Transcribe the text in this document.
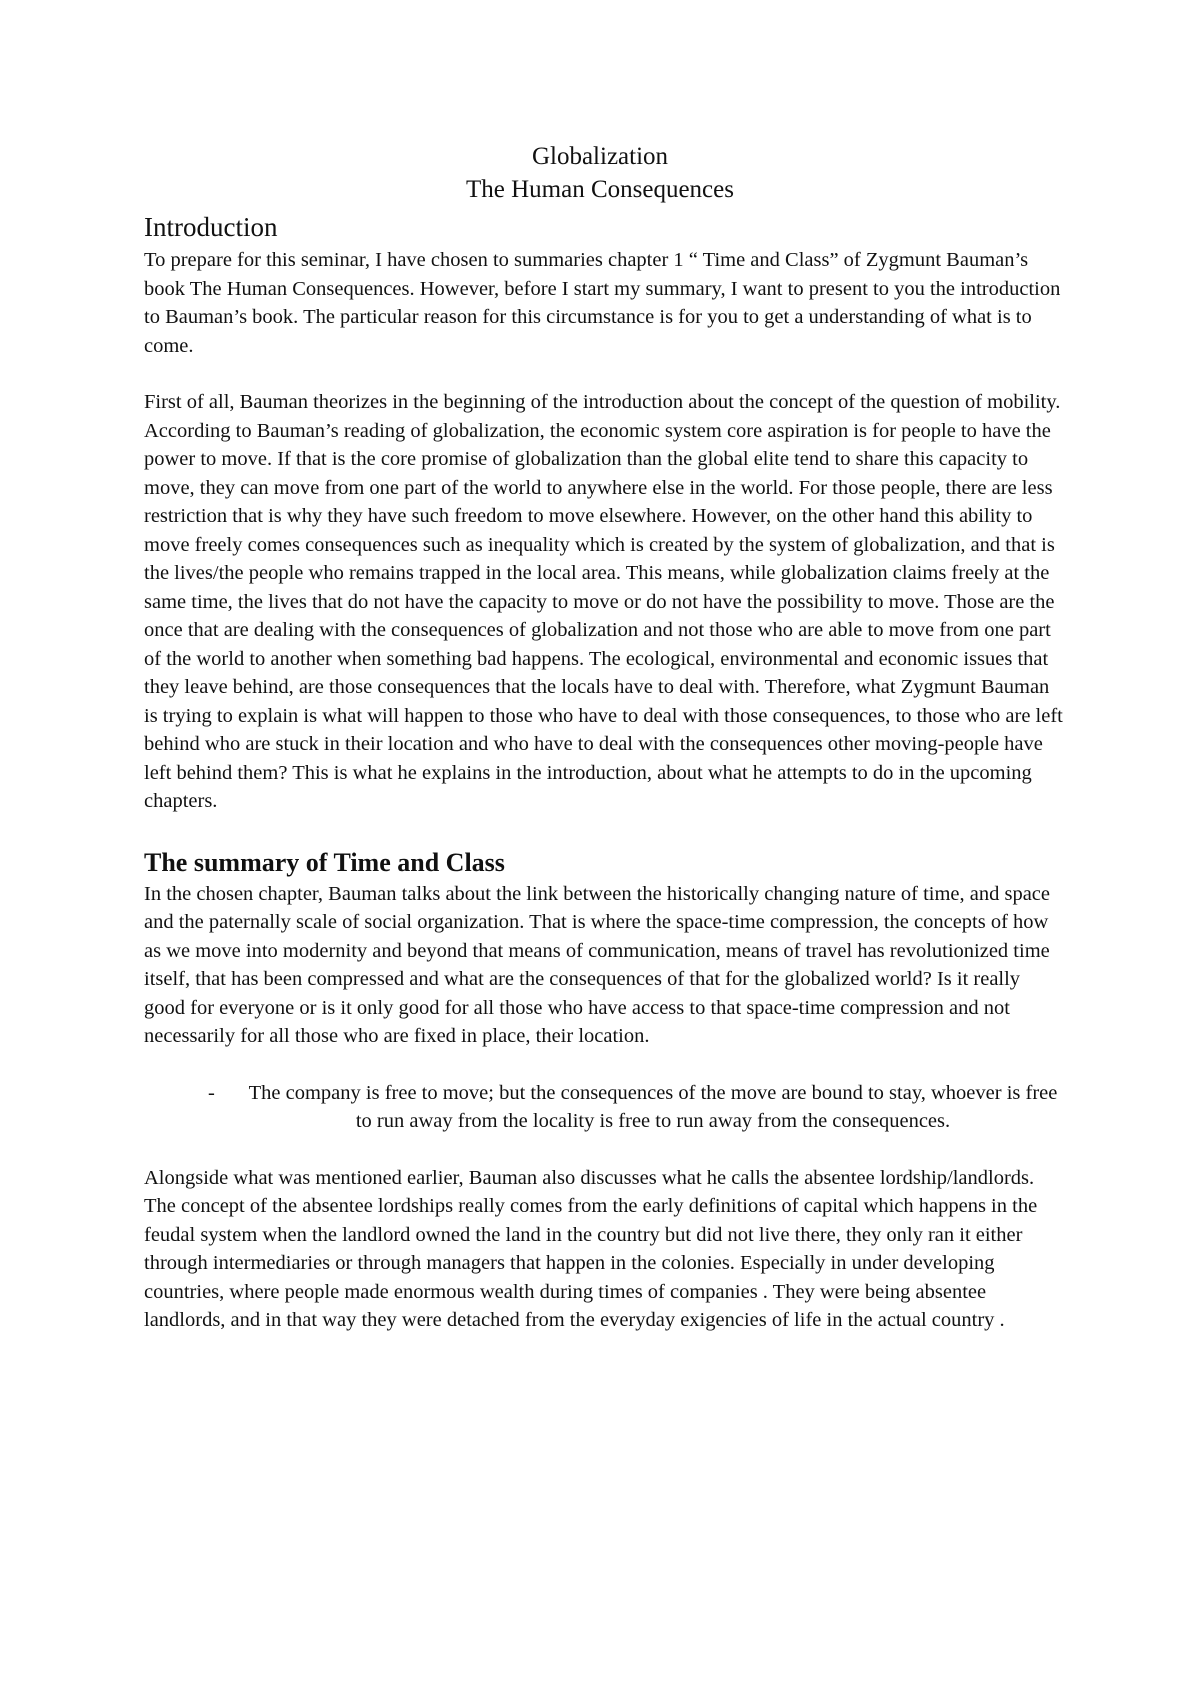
Globalization

The Human Consequences

Introduction

To prepare for this seminar, I have chosen to summaries chapter 1 “ Time and Class” of Zygmunt Bauman’s book The Human Consequences. However, before I start my summary, I want to present to you the introduction to Bauman’s book. The particular reason for this circumstance is for you to get a understanding of what is to come.

First of all, Bauman theorizes in the beginning of the introduction about the concept of the question of mobility. According to Bauman’s reading of globalization, the economic system core aspiration is for people to have the power to move. If that is the core promise of globalization than the global elite tend to share this capacity to move, they can move from one part of the world to anywhere else in the world. For those people, there are less restriction that is why they have such freedom to move elsewhere. However, on the other hand this ability to move freely comes consequences such as inequality which is created by the system of globalization, and that is the lives/the people who remains trapped in the local area. This means, while globalization claims freely at the same time, the lives that do not have the capacity to move or do not have the possibility to move. Those are the once that are dealing with the consequences of globalization and not those who are able to move from one part of the world to another when something bad happens. The ecological, environmental and economic issues that they leave behind, are those consequences that the locals have to deal with. Therefore, what Zygmunt Bauman is trying to explain is what will happen to those who have to deal with those consequences, to those who are left behind who are stuck in their location and who have to deal with the consequences other moving-people have left behind them? This is what he explains in the introduction, about what he attempts to do in the upcoming chapters.

The summary of Time and Class

In the chosen chapter, Bauman talks about the link between the historically changing nature of time, and space and the paternally scale of social organization. That is where the space-time compression, the concepts of how as we move into modernity and beyond that means of communication, means of travel has revolutionized time itself, that has been compressed and what are the consequences of that for the globalized world? Is it really good for everyone or is it only good for all those who have access to that space-time compression and not necessarily for all those who are fixed in place, their location.

-	The company is free to move; but the consequences of the move are bound to stay, whoever is free to run away from the locality is free to run away from the consequences.

Alongside what was mentioned earlier, Bauman also discusses what he calls the absentee lordship/landlords. The concept of the absentee lordships really comes from the early definitions of capital which happens in the feudal system when the landlord owned the land in the country but did not live there, they only ran it either through intermediaries or through managers that happen in the colonies. Especially in under developing countries, where people made enormous wealth during times of companies . They were being absentee landlords, and in that way they were detached from the everyday exigencies of life in the actual country .
